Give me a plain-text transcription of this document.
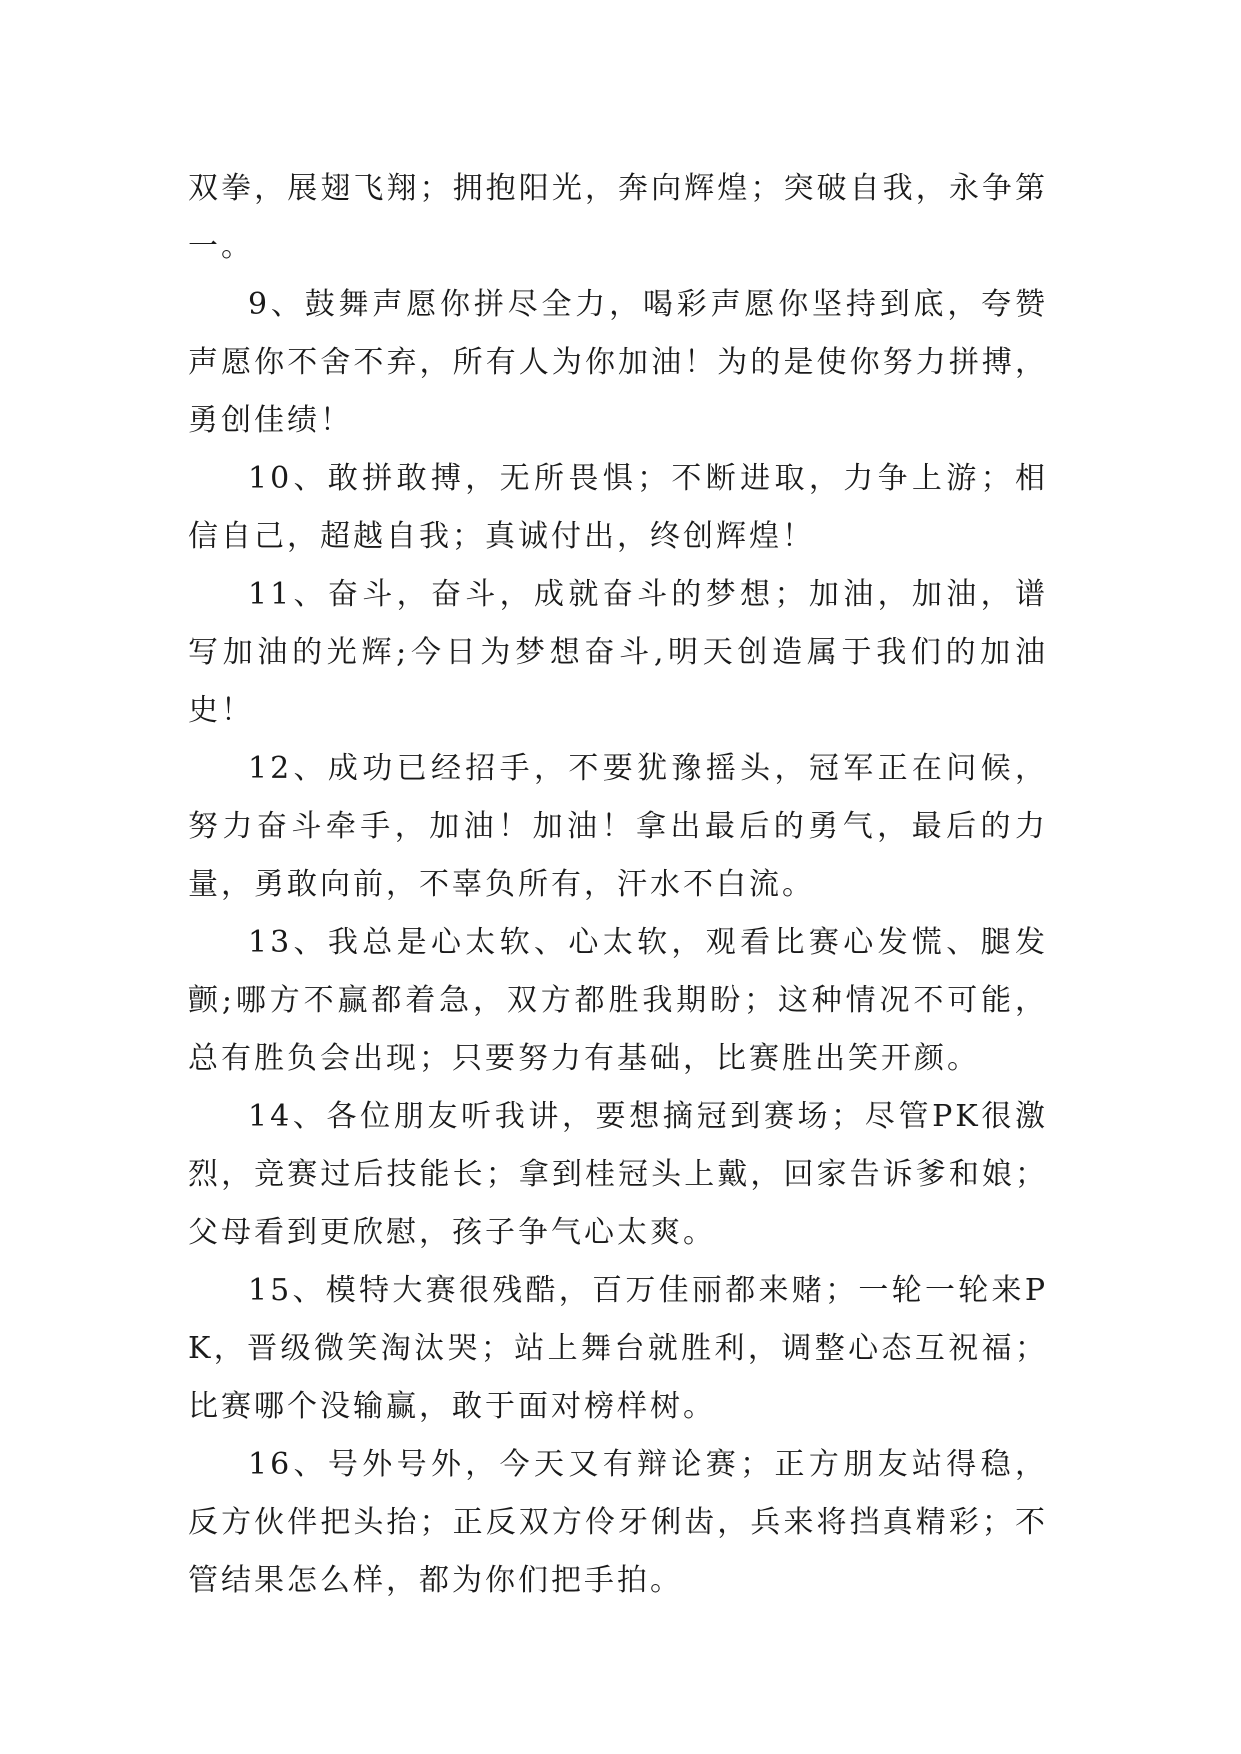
双拳，展翅飞翔；拥抱阳光，奔向辉煌；突破自我，永争第一。

9、鼓舞声愿你拼尽全力，喝彩声愿你坚持到底，夸赞声愿你不舍不弃，所有人为你加油！为的是使你努力拼搏，勇创佳绩！

10、敢拼敢搏，无所畏惧；不断进取，力争上游；相信自己，超越自我；真诚付出，终创辉煌！

11、奋斗，奋斗，成就奋斗的梦想；加油，加油，谱写加油的光辉;今日为梦想奋斗,明天创造属于我们的加油史！

12、成功已经招手，不要犹豫摇头，冠军正在问候，努力奋斗牵手，加油！加油！拿出最后的勇气，最后的力量，勇敢向前，不辜负所有，汗水不白流。

13、我总是心太软、心太软，观看比赛心发慌、腿发颤;哪方不赢都着急，双方都胜我期盼；这种情况不可能，总有胜负会出现；只要努力有基础，比赛胜出笑开颜。

14、各位朋友听我讲，要想摘冠到赛场；尽管PK很激烈，竞赛过后技能长；拿到桂冠头上戴，回家告诉爹和娘；父母看到更欣慰，孩子争气心太爽。

15、模特大赛很残酷，百万佳丽都来赌；一轮一轮来PK，晋级微笑淘汰哭；站上舞台就胜利，调整心态互祝福；比赛哪个没输赢，敢于面对榜样树。

16、号外号外，今天又有辩论赛；正方朋友站得稳，反方伙伴把头抬；正反双方伶牙俐齿，兵来将挡真精彩；不管结果怎么样，都为你们把手拍。
